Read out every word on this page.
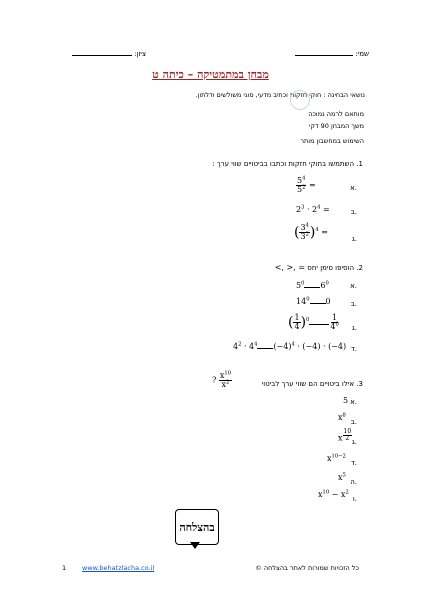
שמי:
ציון:
מבחן במתמטיקה – כיתה ט
נושאי הבחינה : חוקי חזקות וכתיב מדעי, סוגי משולשים ודלתון.
מותאם לרמה נמוכה
משך המבחן 90 דקי
השימוש במחשבון מותר
1. השתמשו בחוקי חזקות וכתבו בביטויים שווי ערך :
א.
$\frac{5^4}{5^2}$ =
ב.
$2^3 \cdot 2^4$ =
ג.
( $\frac{3^4}{3^2} )^4$ =
2. הוסיפו סימן יחס <, >, =
א.
$5^0$ $6^0$
ב.
$14^0$ 0
ג.
( $\frac{1}{4} )^0$	$\frac{1}{4^0}$
ד.
$4^2 \cdot 4^4$ $(-4)^4 \cdot (-4) \cdot (-4)$
3. אילו ביטויים הם שווי ערך לביטוי
? $\frac{x^{10}}{x^2}$
א.
5
ב.
$x^8$
ג.
x $^{\frac{10}{2}}$
ד.
$x^{10-2}$
ה.
$x^5$
ו.
$x^{10} - x^2$
בהצלחה
1 www.behatzlacha.co.il	כל הזכויות שמורות לאתר בהצלחה ©
